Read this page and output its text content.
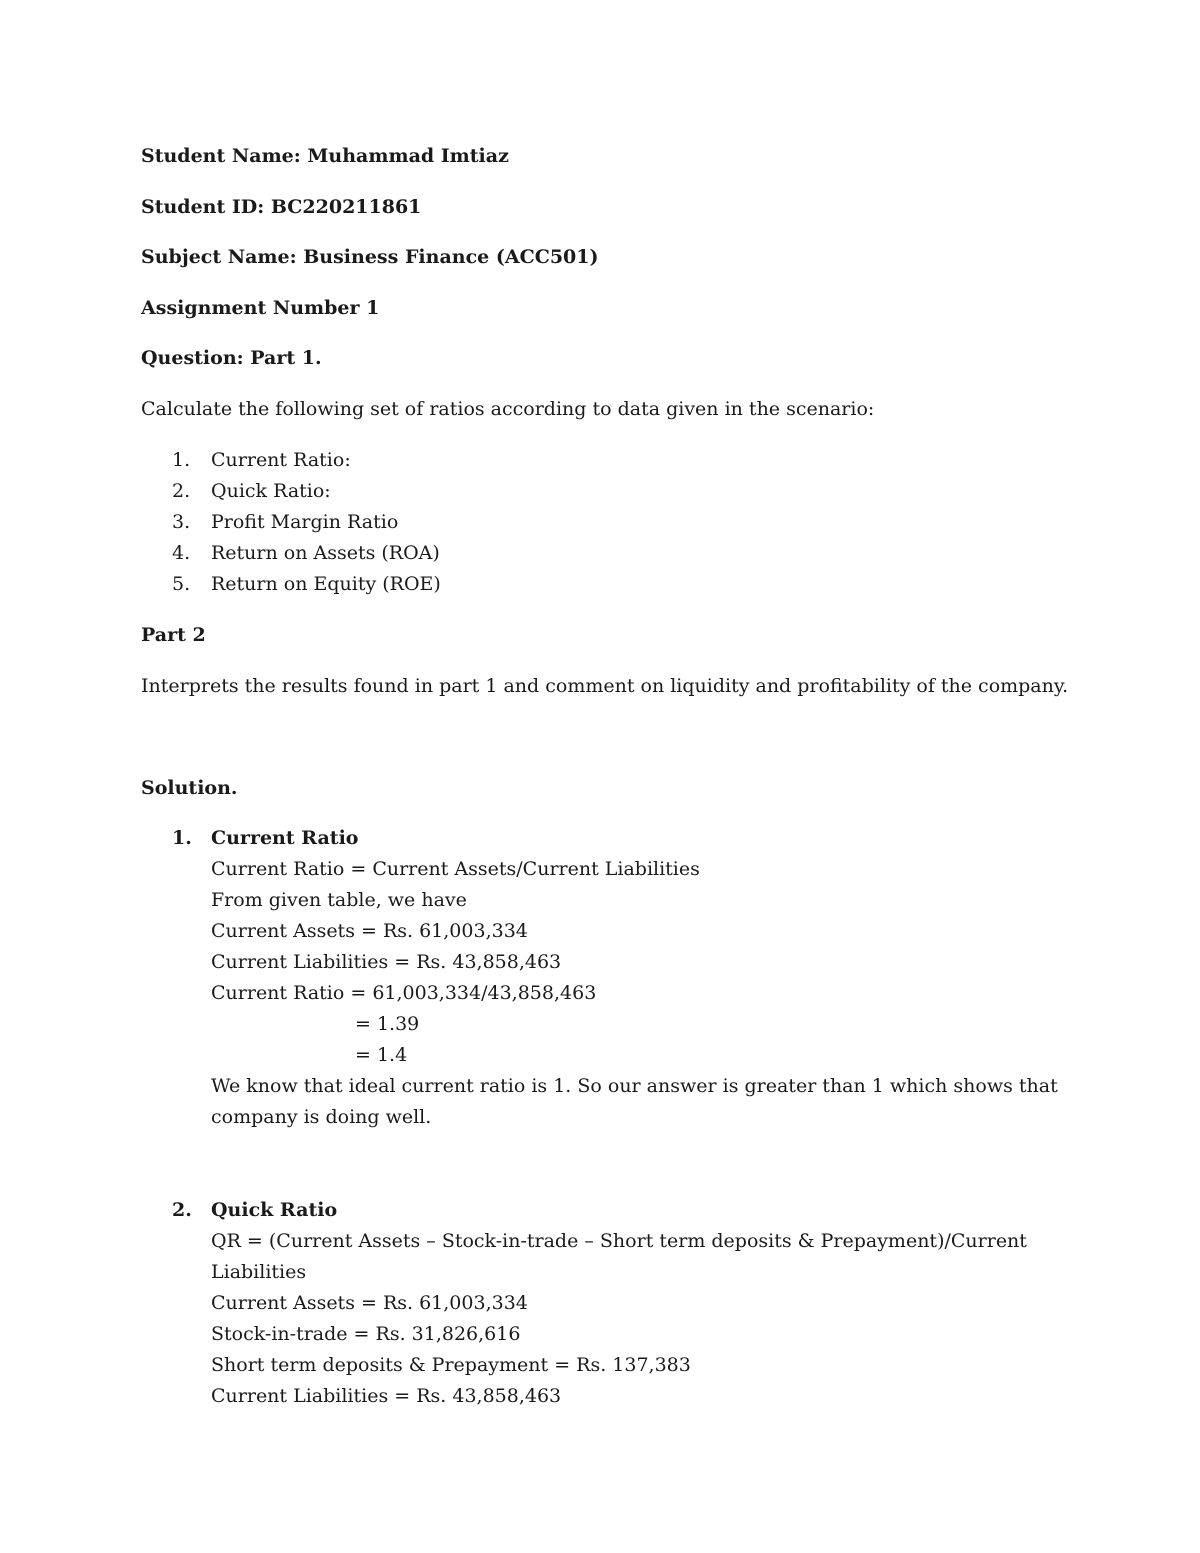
Student Name: Muhammad Imtiaz
Student ID: BC220211861
Subject Name: Business Finance (ACC501)
Assignment Number 1
Question: Part 1.
Calculate the following set of ratios according to data given in the scenario:
1. Current Ratio:
2. Quick Ratio:
3. Profit Margin Ratio
4. Return on Assets (ROA)
5. Return on Equity (ROE)
Part 2
Interprets the results found in part 1 and comment on liquidity and profitability of the company.
Solution.
1. Current Ratio
Current Ratio = Current Assets/Current Liabilities
From given table, we have
Current Assets = Rs. 61,003,334
Current Liabilities = Rs. 43,858,463
Current Ratio = 61,003,334/43,858,463
= 1.39
= 1.4
We know that ideal current ratio is 1. So our answer is greater than 1 which shows that
company is doing well.
2. Quick Ratio
QR = (Current Assets – Stock-in-trade – Short term deposits & Prepayment)/Current
Liabilities
Current Assets = Rs. 61,003,334
Stock-in-trade = Rs. 31,826,616
Short term deposits & Prepayment = Rs. 137,383
Current Liabilities = Rs. 43,858,463
